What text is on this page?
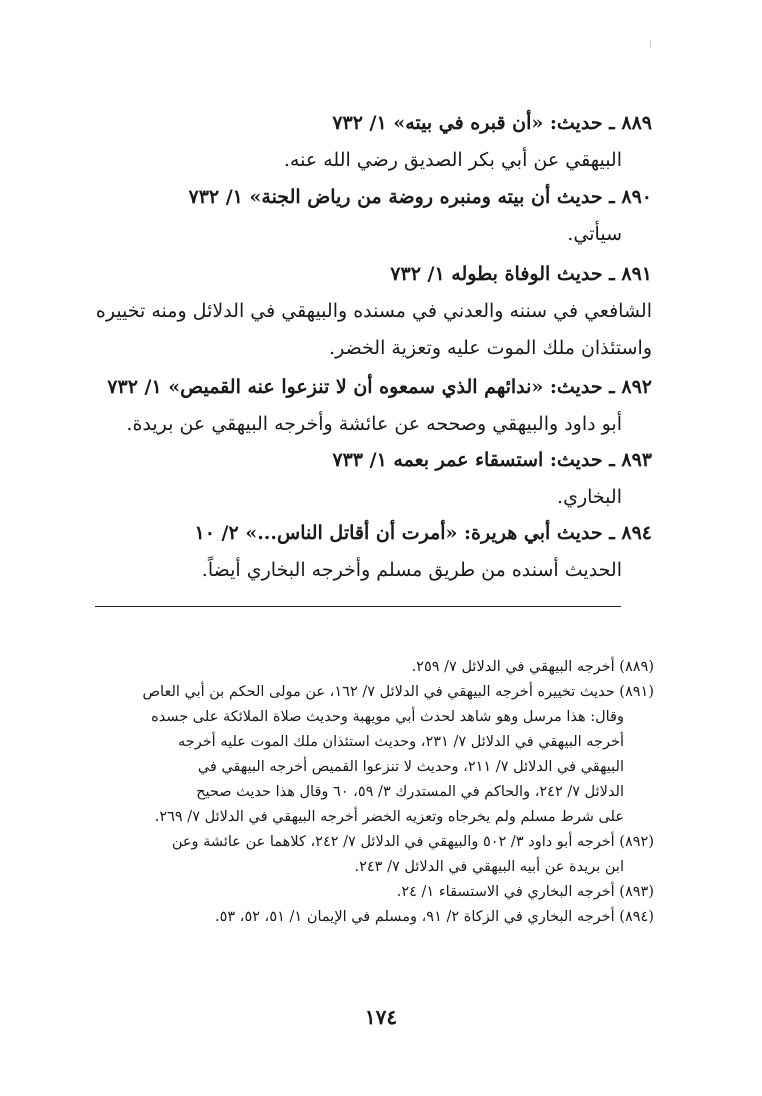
٨٨٩ ـ حديث: «أن قبره في بيته» ١/ ٧٣٢
البيهقي عن أبي بكر الصديق رضي الله عنه.
٨٩٠ ـ حديث أن بيته ومنبره روضة من رياض الجنة» ١/ ٧٣٢
سيأتي.
٨٩١ ـ حديث الوفاة بطوله ١/ ٧٣٢
الشافعي في سننه والعدني في مسنده والبيهقي في الدلائل ومنه تخييره
واستئذان ملك الموت عليه وتعزية الخضر.
٨٩٢ ـ حديث: «ندائهم الذي سمعوه أن لا تنزعوا عنه القميص» ١/ ٧٣٢
أبو داود والبيهقي وصححه عن عائشة وأخرجه البيهقي عن بريدة.
٨٩٣ ـ حديث: استسقاء عمر بعمه ١/ ٧٣٣
البخاري.
٨٩٤ ـ حديث أبي هريرة: «أمرت أن أقاتل الناس...» ٢/ ١٠
الحديث أسنده من طريق مسلم وأخرجه البخاري أيضاً.
(٨٨٩) أخرجه البيهقي في الدلائل ٧/ ٢٥٩.
(٨٩١) حديث تخييره أخرجه البيهقي في الدلائل ٧/ ١٦٢، عن مولى الحكم بن أبي العاص
وقال: هذا مرسل وهو شاهد لحدث أبي مويهبة وحديث صلاة الملائكة على جسده
أخرجه البيهقي في الدلائل ٧/ ٢٣١، وحديث استئذان ملك الموت عليه أخرجه
البيهقي في الدلائل ٧/ ٢١١، وحديث لا تنزعوا القميص أخرجه البيهقي في
الدلائل ٧/ ٢٤٢، والحاكم في المستدرك ٣/ ٥٩، ٦٠ وقال هذا حديث صحيح
على شرط مسلم ولم يخرجاه وتعزيه الخضر أخرجه البيهقي في الدلائل ٧/ ٢٦٩.
(٨٩٢) أخرجه أبو داود ٣/ ٥٠٢ والبيهقي في الدلائل ٧/ ٢٤٢، كلاهما عن عائشة وعن
ابن بريدة عن أبيه البيهقي في الدلائل ٧/ ٢٤٣.
(٨٩٣) أخرجه البخاري في الاستسقاء ١/ ٢٤.
(٨٩٤) أخرجه البخاري في الزكاة ٢/ ٩١، ومسلم في الإيمان ١/ ٥١، ٥٢، ٥٣.
١٧٤
